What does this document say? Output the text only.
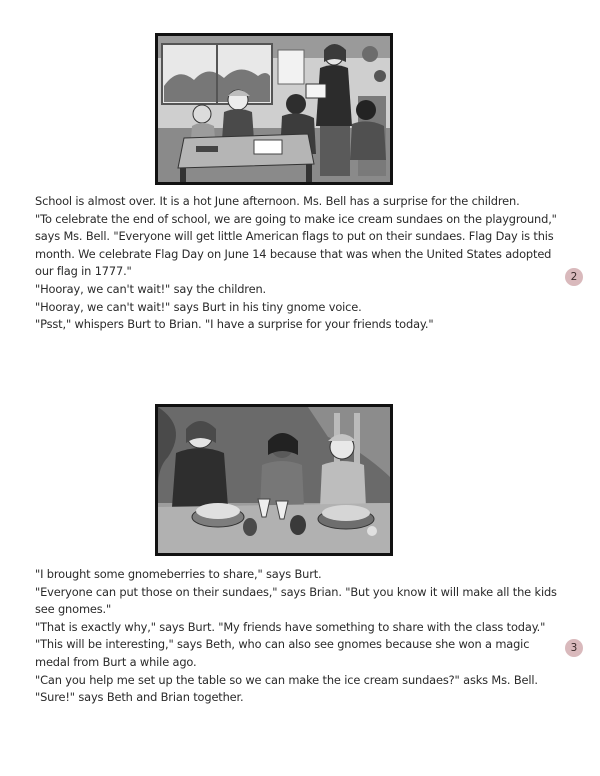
School is almost over. It is a hot June afternoon. Ms. Bell has a surprise for the children.

"To celebrate the end of school, we are going to make ice cream sundaes on the playground," says Ms. Bell. "Everyone will get little American flags to put on their sundaes. Flag Day is this month. We celebrate Flag Day on June 14 because that was when the United States adopted our flag in 1777."

"Hooray, we can't wait!" say the children.

"Hooray, we can't wait!" says Burt in his tiny gnome voice.

"Psst," whispers Burt to Brian. "I have a surprise for your friends today."

2

"I brought some gnomeberries to share," says Burt.

"Everyone can put those on their sundaes," says Brian. "But you know it will make all the kids see gnomes."

"That is exactly why," says Burt. "My friends have something to share with the class today."

"This will be interesting," says Beth, who can also see gnomes because she won a magic medal from Burt a while ago.

"Can you help me set up the table so we can make the ice cream sundaes?" asks Ms. Bell.

"Sure!" says Beth and Brian together.

3
